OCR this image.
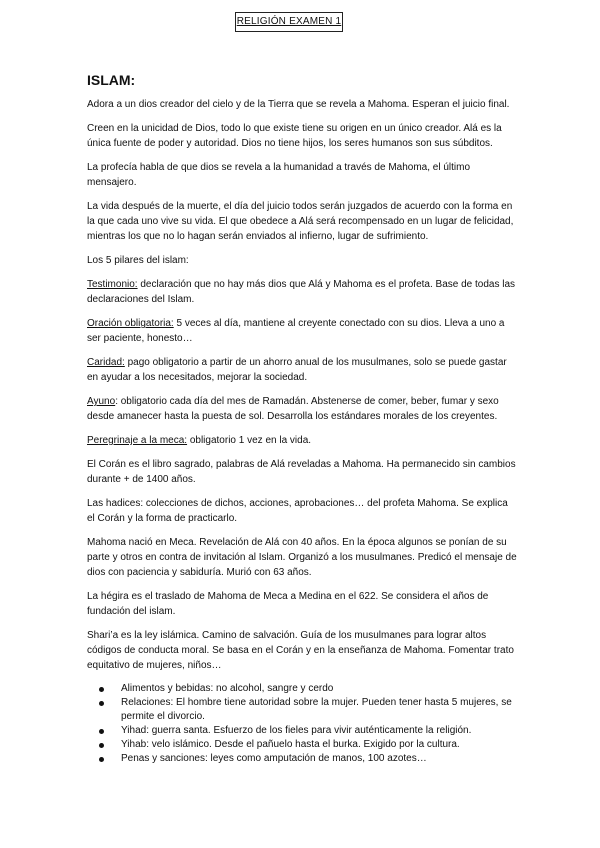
RELIGIÓN EXAMEN 1
ISLAM:

Adora a un dios creador del cielo y de la Tierra que se revela a Mahoma. Esperan el juicio final.

Creen en la unicidad de Dios, todo lo que existe tiene su origen en un único creador. Alá es la única fuente de poder y autoridad. Dios no tiene hijos, los seres humanos son sus súbditos.

La profecía habla de que dios se revela a la humanidad a través de Mahoma, el último mensajero.

La vida después de la muerte, el día del juicio todos serán juzgados de acuerdo con la forma en la que cada uno vive su vida. El que obedece a Alá será recompensado en un lugar de felicidad, mientras los que no lo hagan serán enviados al infierno, lugar de sufrimiento.

Los 5 pilares del islam:

Testimonio: declaración que no hay más dios que Alá y Mahoma es el profeta. Base de todas las declaraciones del Islam.

Oración obligatoria: 5 veces al día, mantiene al creyente conectado con su dios. Lleva a uno a ser paciente, honesto…

Caridad: pago obligatorio a partir de un ahorro anual de los musulmanes, solo se puede gastar en ayudar a los necesitados, mejorar la sociedad.

Ayuno: obligatorio cada día del mes de Ramadán. Abstenerse de comer, beber, fumar y sexo desde amanecer hasta la puesta de sol. Desarrolla los estándares morales de los creyentes.

Peregrinaje a la meca: obligatorio 1 vez en la vida.

El Corán es el libro sagrado, palabras de Alá reveladas a Mahoma. Ha permanecido sin cambios durante + de 1400 años.

Las hadices: colecciones de dichos, acciones, aprobaciones… del profeta Mahoma. Se explica el Corán y la forma de practicarlo.

Mahoma nació en Meca. Revelación de Alá con 40 años. En la época algunos se ponían de su parte y otros en contra de invitación al Islam. Organizó a los musulmanes. Predicó el mensaje de dios con paciencia y sabiduría. Murió con 63 años.

La hégira es el traslado de Mahoma de Meca a Medina en el 622. Se considera el años de fundación del islam.

Shari’a es la ley islámica. Camino de salvación. Guía de los musulmanes para lograr altos códigos de conducta moral. Se basa en el Corán y en la enseñanza de Mahoma. Fomentar trato equitativo de mujeres, niños…

Alimentos y bebidas: no alcohol, sangre y cerdo
Relaciones: El hombre tiene autoridad sobre la mujer. Pueden tener hasta 5 mujeres, se permite el divorcio.
Yihad: guerra santa. Esfuerzo de los fieles para vivir auténticamente la religión.
Yihab: velo islámico. Desde el pañuelo hasta el burka. Exigido por la cultura.
Penas y sanciones: leyes como amputación de manos, 100 azotes…
